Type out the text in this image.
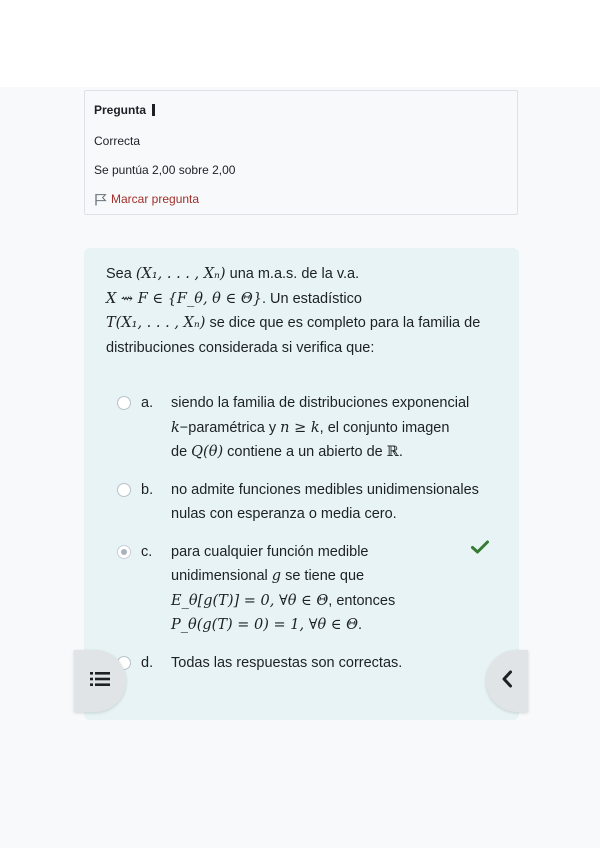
Pregunta
Correcta
Se puntúa 2,00 sobre 2,00
Marcar pregunta

Sea (X₁, . . . , Xₙ) una m.a.s. de la v.a.
X ⇝ F ∈ {F_θ, θ ∈ Θ}. Un estadístico
T(X₁, . . . , Xₙ) se dice que es completo para la familia de distribuciones considerada si verifica que:

a. siendo la familia de distribuciones exponencial
k−paramétrica y n ≥ k, el conjunto imagen
de Q(θ) contiene a un abierto de ℝ.
b. no admite funciones medibles unidimensionales nulas con esperanza o media cero.
c. para cualquier función medible
unidimensional g se tiene que
E_θ[g(T)] = 0, ∀θ ∈ Θ, entonces
P_θ(g(T) = 0) = 1, ∀θ ∈ Θ.
d. Todas las respuestas son correctas.
